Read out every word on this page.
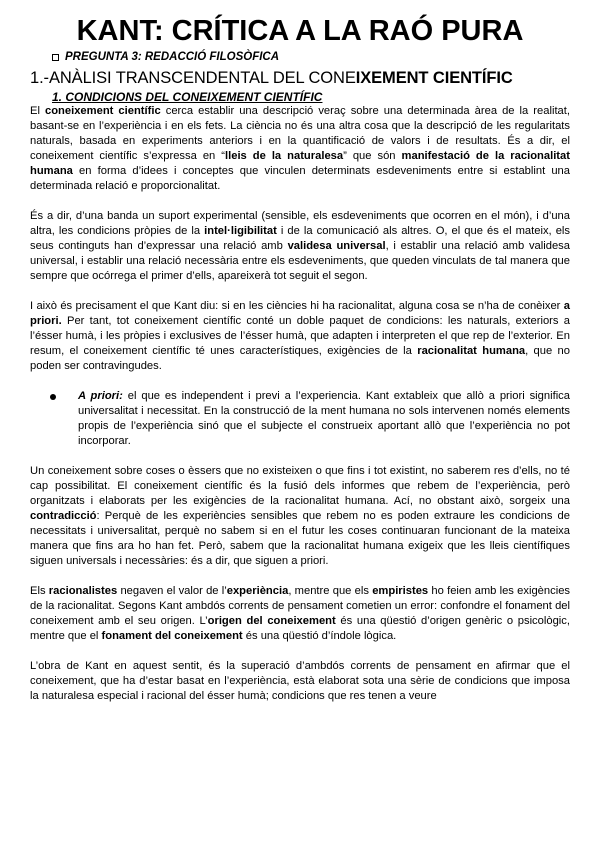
KANT: CRÍTICA A LA RAÓ PURA
PREGUNTA 3: REDACCIÓ FILOSÒFICA
1.-ANÀLISI TRANSCENDENTAL DEL CONEIXEMENT CIENTÍFIC
1. CONDICIONS DEL CONEIXEMENT CIENTÍFIC

El coneixement científic cerca establir una descripció veraç sobre una determinada àrea de la realitat, basant-se en l’experiència i en els fets. La ciència no és una altra cosa que la descripció de les regularitats naturals, basada en experiments anteriors i en la quantificació de valors i de resultats. És a dir, el coneixement científic s’expressa en “lleis de la naturalesa” que són manifestació de la racionalitat humana en forma d’idees i conceptes que vinculen determinats esdeveniments entre si establint una determinada relació e proporcionalitat.

És a dir, d’una banda un suport experimental (sensible, els esdeveniments que ocorren en el món), i d’una altra, les condicions pròpies de la intel·ligibilitat i de la comunicació als altres. O, el que és el mateix, els seus continguts han d’expressar una relació amb validesa universal, i establir una relació amb validesa universal, i establir una relació necessària entre els esdeveniments, que queden vinculats de tal manera que sempre que ocórrega el primer d’ells, apareixerà tot seguit el segon.

I això és precisament el que Kant diu: si en les ciències hi ha racionalitat, alguna cosa se n’ha de conèixer a priori. Per tant, tot coneixement científic conté un doble paquet de condicions: les naturals, exteriors a l’ésser humà, i les pròpies i exclusives de l’ésser humà, que adapten i interpreten el que rep de l’exterior. En resum, el coneixement científic té unes característiques, exigències de la racionalitat humana, que no poden ser contravingudes.

A priori: el que es independent i previ a l’experiencia. Kant extableix que allò a priori significa universalitat i necessitat. En la construcció de la ment humana no sols intervenen només elements propis de l’experiència sinó que el subjecte el construeix aportant allò que l’experiència no pot incorporar.

Un coneixement sobre coses o èssers que no existeixen o que fins i tot existint, no saberem res d’ells, no té cap possibilitat. El coneixement científic és la fusió dels informes que rebem de l’experiència, però organitzats i elaborats per les exigències de la racionalitat humana. Ací, no obstant això, sorgeix una contradicció: Perquè de les experiències sensibles que rebem no es poden extraure les condicions de necessitats i universalitat, perquè no sabem si en el futur les coses continuaran funcionant de la mateixa manera que fins ara ho han fet. Però, sabem que la racionalitat humana exigeix que les lleis científiques siguen universals i necessàries: és a dir, que siguen a priori.

Els racionalistes negaven el valor de l’experiència, mentre que els empiristes ho feien amb les exigències de la racionalitat. Segons Kant ambdós corrents de pensament cometien un error: confondre el fonament del coneixement amb el seu origen. L’origen del coneixement és una qüestió d’origen genèric o psicològic, mentre que el fonament del coneixement és una qüestió d’índole lògica.

L’obra de Kant en aquest sentit, és la superació d’ambdós corrents de pensament en afirmar que el coneixement, que ha d’estar basat en l’experiència, està elaborat sota una sèrie de condicions que imposa la naturalesa especial i racional del ésser humà; condicions que res tenen a veure
